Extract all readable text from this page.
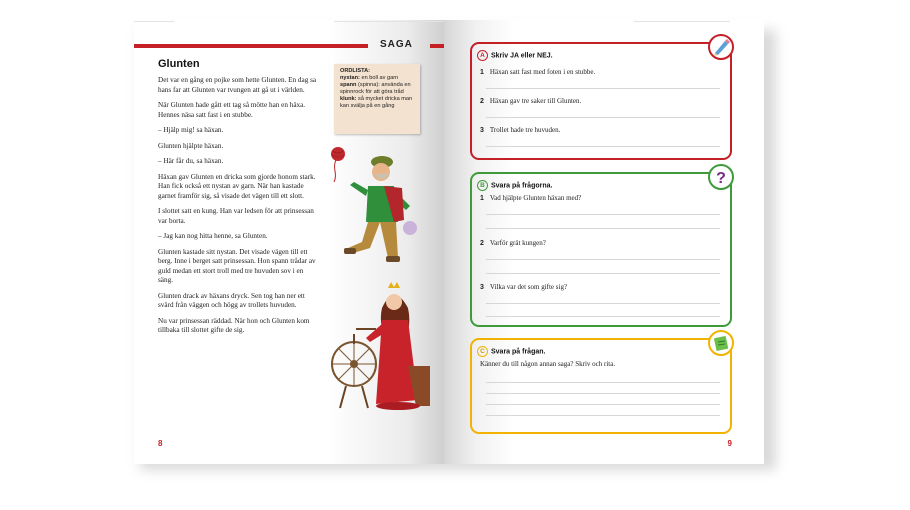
SAGA
Glunten

Det var en gång en pojke som hette Glunten. En dag sa hans far att Glunten var tvungen att gå ut i världen.

När Glunten hade gått ett tag så mötte han en häxa. Hennes näsa satt fast i en stubbe.

– Hjälp mig! sa häxan.

Glunten hjälpte häxan.

– Här får du, sa häxan.

Häxan gav Glunten en dricka som gjorde honom stark. Han fick också ett nystan av garn. När han kastade garnet framför sig, så visade det vägen till ett slott.

I slottet satt en kung. Han var ledsen för att prinsessan var borta.

– Jag kan nog hitta henne, sa Glunten.

Glunten kastade sitt nystan. Det visade vägen till ett berg. Inne i berget satt prinsessan. Hon spann trådar av guld medan ett stort troll med tre huvuden sov i en säng.

Glunten drack av häxans dryck. Sen tog han ner ett svärd från väggen och högg av trollets huvuden.

Nu var prinsessan räddad. När hon och Glunten kom tillbaka till slottet gifte de sig.

ORDLISTA:
nystan: en boll av garn
spann (spinna): använda en spinnrock för att göra tråd
klunk: så mycket dricka man kan svälja på en gång
8
A Skriv JA eller NEJ.
1 Häxan satt fast med foten i en stubbe.
2 Häxan gav tre saker till Glunten.
3 Trollet hade tre huvuden.
B Svara på frågorna.	?
1 Vad hjälpte Glunten häxan med?
2 Varför grät kungen?
3 Vilka var det som gifte sig?
C Svara på frågan.
Känner du till någon annan saga? Skriv och rita.
9
